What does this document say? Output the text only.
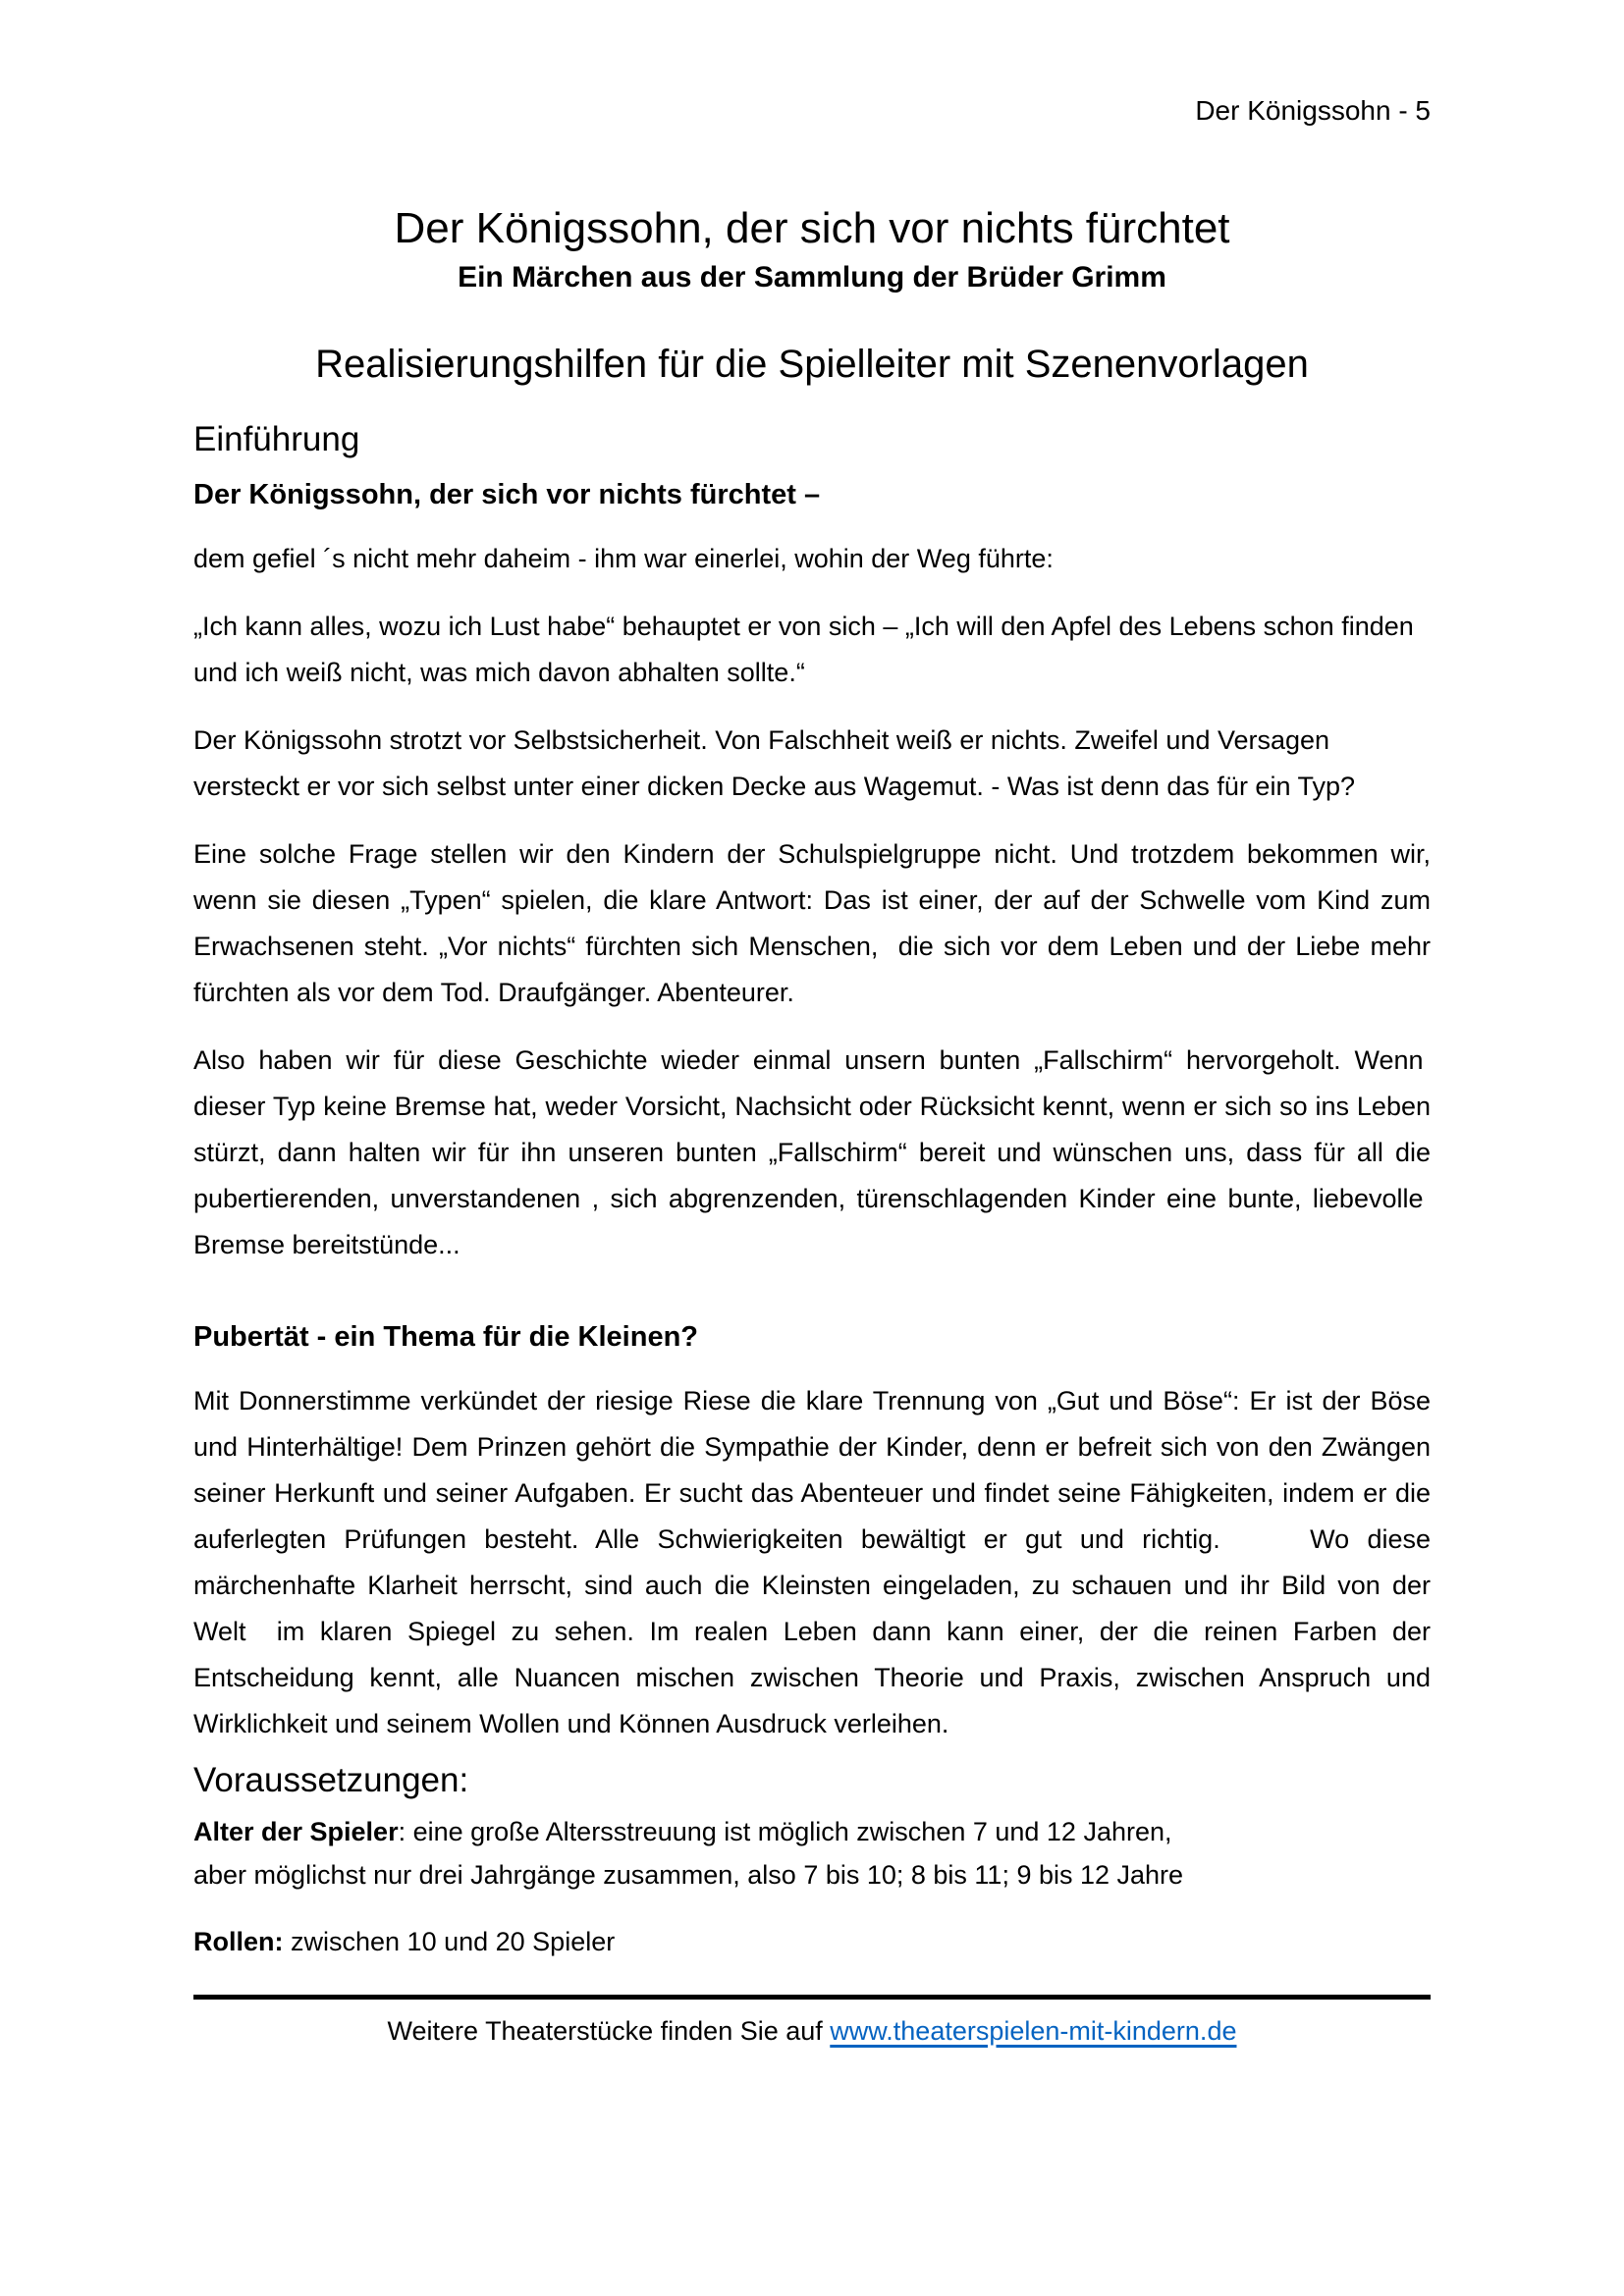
Der Königssohn - 5
Der Königssohn, der sich vor nichts fürchtet
Ein Märchen aus der Sammlung der Brüder Grimm
Realisierungshilfen für die Spielleiter mit Szenenvorlagen
Einführung

Der Königssohn, der sich vor nichts fürchtet –

dem gefiel ´s nicht mehr daheim - ihm war einerlei, wohin der Weg führte:

„Ich kann alles, wozu ich Lust habe“ behauptet er von sich – „Ich will den Apfel des Lebens schon finden und ich weiß nicht, was mich davon abhalten sollte.“

Der Königssohn strotzt vor Selbstsicherheit. Von Falschheit weiß er nichts. Zweifel und Versagen versteckt er vor sich selbst unter einer dicken Decke aus Wagemut. - Was ist denn das für ein Typ?

Eine solche Frage stellen wir den Kindern der Schulspielgruppe nicht. Und trotzdem bekommen wir, wenn sie diesen „Typen“ spielen, die klare Antwort: Das ist einer, der auf der Schwelle vom Kind zum Erwachsenen steht. „Vor nichts“ fürchten sich Menschen,  die sich vor dem Leben und der Liebe mehr fürchten als vor dem Tod. Draufgänger. Abenteurer.

Also haben wir für diese Geschichte wieder einmal unsern bunten „Fallschirm“ hervorgeholt. Wenn  dieser Typ keine Bremse hat, weder Vorsicht, Nachsicht oder Rücksicht kennt, wenn er sich so ins Leben stürzt, dann halten wir für ihn unseren bunten „Fallschirm“ bereit und wünschen uns, dass für all die pubertierenden, unverstandenen , sich abgrenzenden, türenschlagenden Kinder eine bunte, liebevolle  Bremse bereitstünde...

Pubertät - ein Thema für die Kleinen?

Mit Donnerstimme verkündet der riesige Riese die klare Trennung von „Gut und Böse“: Er ist der Böse und Hinterhältige! Dem Prinzen gehört die Sympathie der Kinder, denn er befreit sich von den Zwängen seiner Herkunft und seiner Aufgaben. Er sucht das Abenteuer und findet seine Fähigkeiten, indem er die auferlegten Prüfungen besteht. Alle Schwierigkeiten bewältigt er gut und richtig.     Wo diese märchenhafte Klarheit herrscht, sind auch die Kleinsten eingeladen, zu schauen und ihr Bild von der Welt  im klaren Spiegel zu sehen. Im realen Leben dann kann einer, der die reinen Farben der Entscheidung kennt, alle Nuancen mischen zwischen Theorie und Praxis, zwischen Anspruch und Wirklichkeit und seinem Wollen und Können Ausdruck verleihen.

Voraussetzungen:

Alter der Spieler: eine große Altersstreuung ist möglich zwischen 7 und 12 Jahren,
aber möglichst nur drei Jahrgänge zusammen, also 7 bis 10; 8 bis 11; 9 bis 12 Jahre

Rollen: zwischen 10 und 20 Spieler

Weitere Theaterstücke finden Sie auf www.theaterspielen-mit-kindern.de
